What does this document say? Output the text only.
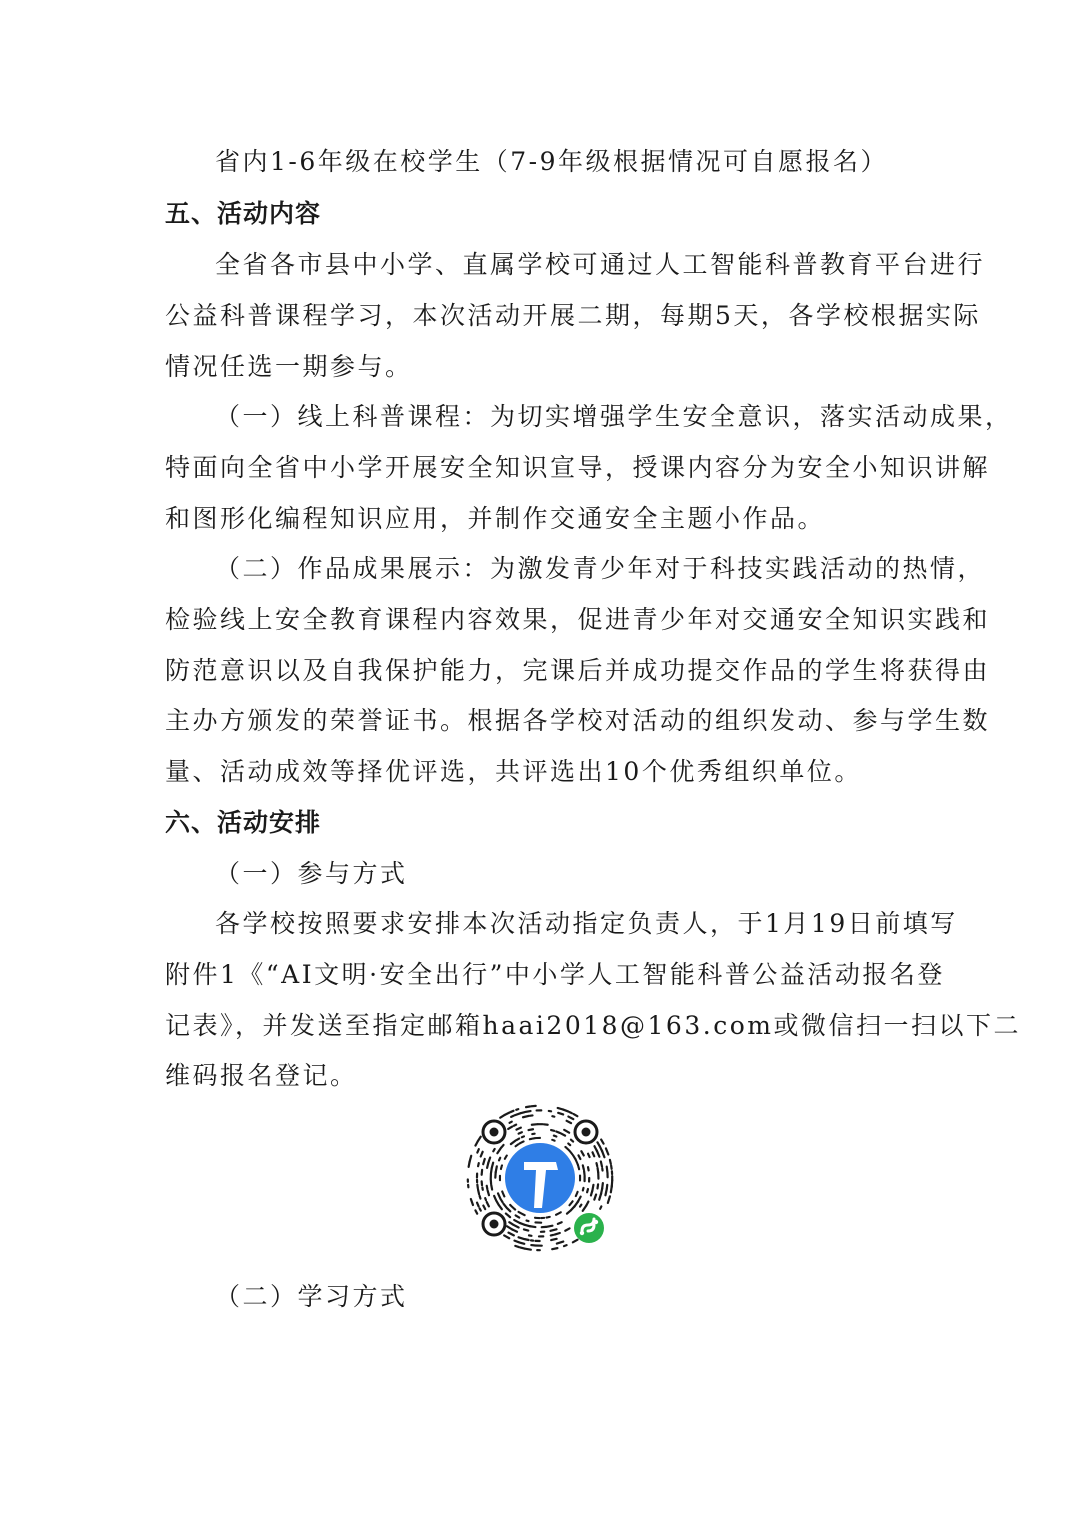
省内1-6年级在校学生（7-9年级根据情况可自愿报名）
五、活动内容
全省各市县中小学、直属学校可通过人工智能科普教育平台进行
公益科普课程学习，本次活动开展二期，每期5天，各学校根据实际
情况任选一期参与。
（一）线上科普课程：为切实增强学生安全意识，落实活动成果，
特面向全省中小学开展安全知识宣导，授课内容分为安全小知识讲解
和图形化编程知识应用，并制作交通安全主题小作品。
（二）作品成果展示：为激发青少年对于科技实践活动的热情，
检验线上安全教育课程内容效果，促进青少年对交通安全知识实践和
防范意识以及自我保护能力，完课后并成功提交作品的学生将获得由
主办方颁发的荣誉证书。根据各学校对活动的组织发动、参与学生数
量、活动成效等择优评选，共评选出10个优秀组织单位。
六、活动安排
（一）参与方式
各学校按照要求安排本次活动指定负责人，于1月19日前填写
附件1《“AI文明·安全出行”中小学人工智能科普公益活动报名登
记表》，并发送至指定邮箱haai2018@163.com或微信扫一扫以下二
维码报名登记。
（二）学习方式
